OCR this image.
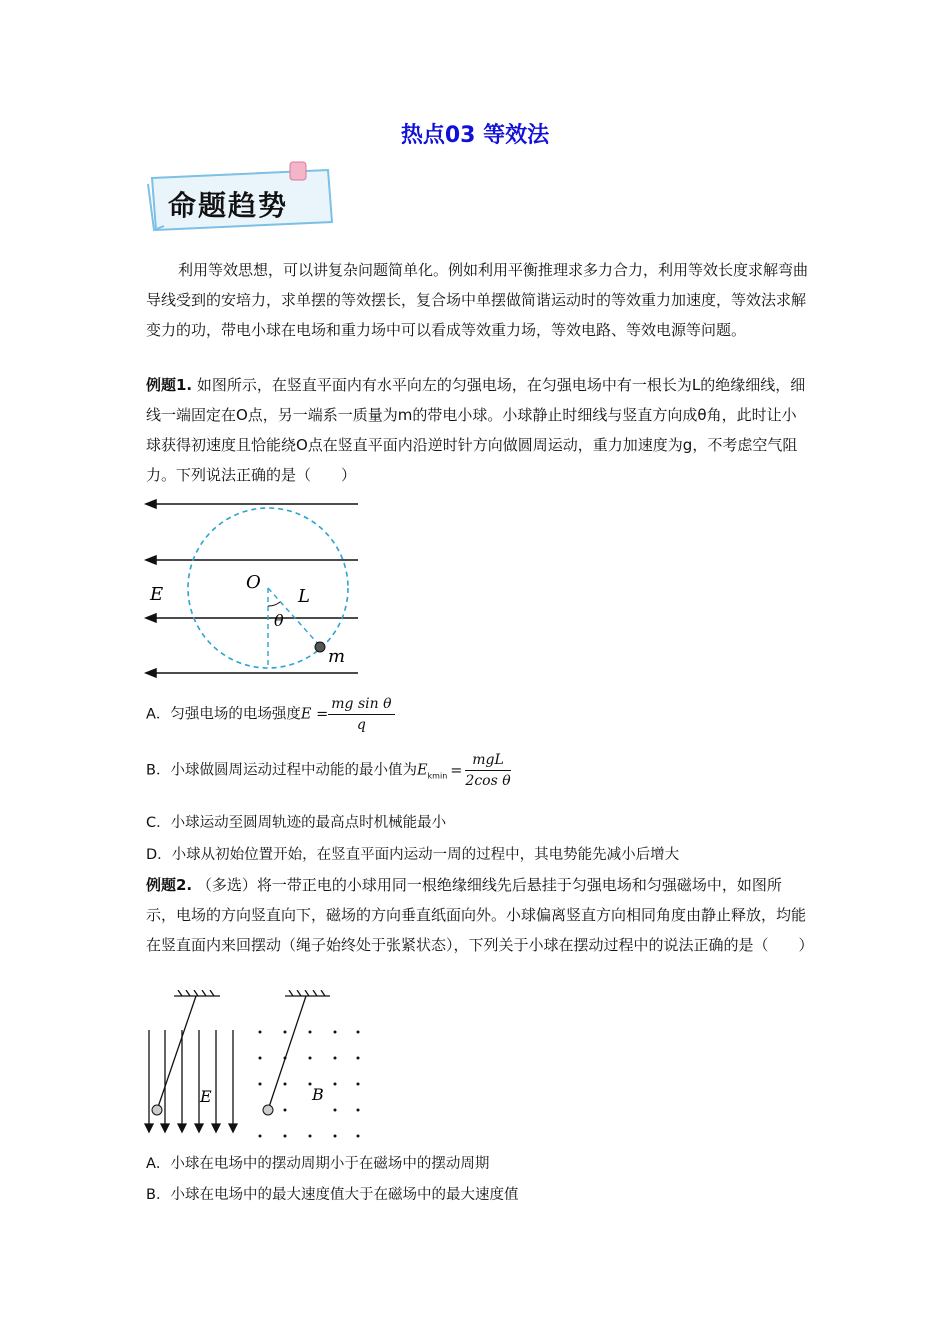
热点03 等效法
命题趋势
利用等效思想，可以讲复杂问题简单化。例如利用平衡推理求多力合力，利用等效长度求解弯曲导线受到的安培力，求单摆的等效摆长，复合场中单摆做简谐运动时的等效重力加速度，等效法求解变力的功，带电小球在电场和重力场中可以看成等效重力场，等效电路、等效电源等问题。
例题1. 如图所示，在竖直平面内有水平向左的匀强电场，在匀强电场中有一根长为L的绝缘细线，细线一端固定在O点，另一端系一质量为m的带电小球。小球静止时细线与竖直方向成θ角，此时让小球获得初速度且恰能绕O点在竖直平面内沿逆时针方向做圆周运动，重力加速度为g，不考虑空气阻力。下列说法正确的是（　　）
O
L
E
θ
m
A．匀强电场的电场强度$E = \frac{\text{mg sin θ}}{q}$
B．小球做圆周运动过程中动能的最小值为$E_{kmin} = \frac{\text{mgL}}{\text{2cos θ}}$
C．小球运动至圆周轨迹的最高点时机械能最小
D．小球从初始位置开始，在竖直平面内运动一周的过程中，其电势能先减小后增大
例题2. （多选）将一带正电的小球用同一根绝缘细线先后悬挂于匀强电场和匀强磁场中，如图所示，电场的方向竖直向下，磁场的方向垂直纸面向外。小球偏离竖直方向相同角度由静止释放，均能在竖直面内来回摆动（绳子始终处于张紧状态），下列关于小球在摆动过程中的说法正确的是（　　）
E	B
A．小球在电场中的摆动周期小于在磁场中的摆动周期
B．小球在电场中的最大速度值大于在磁场中的最大速度值
